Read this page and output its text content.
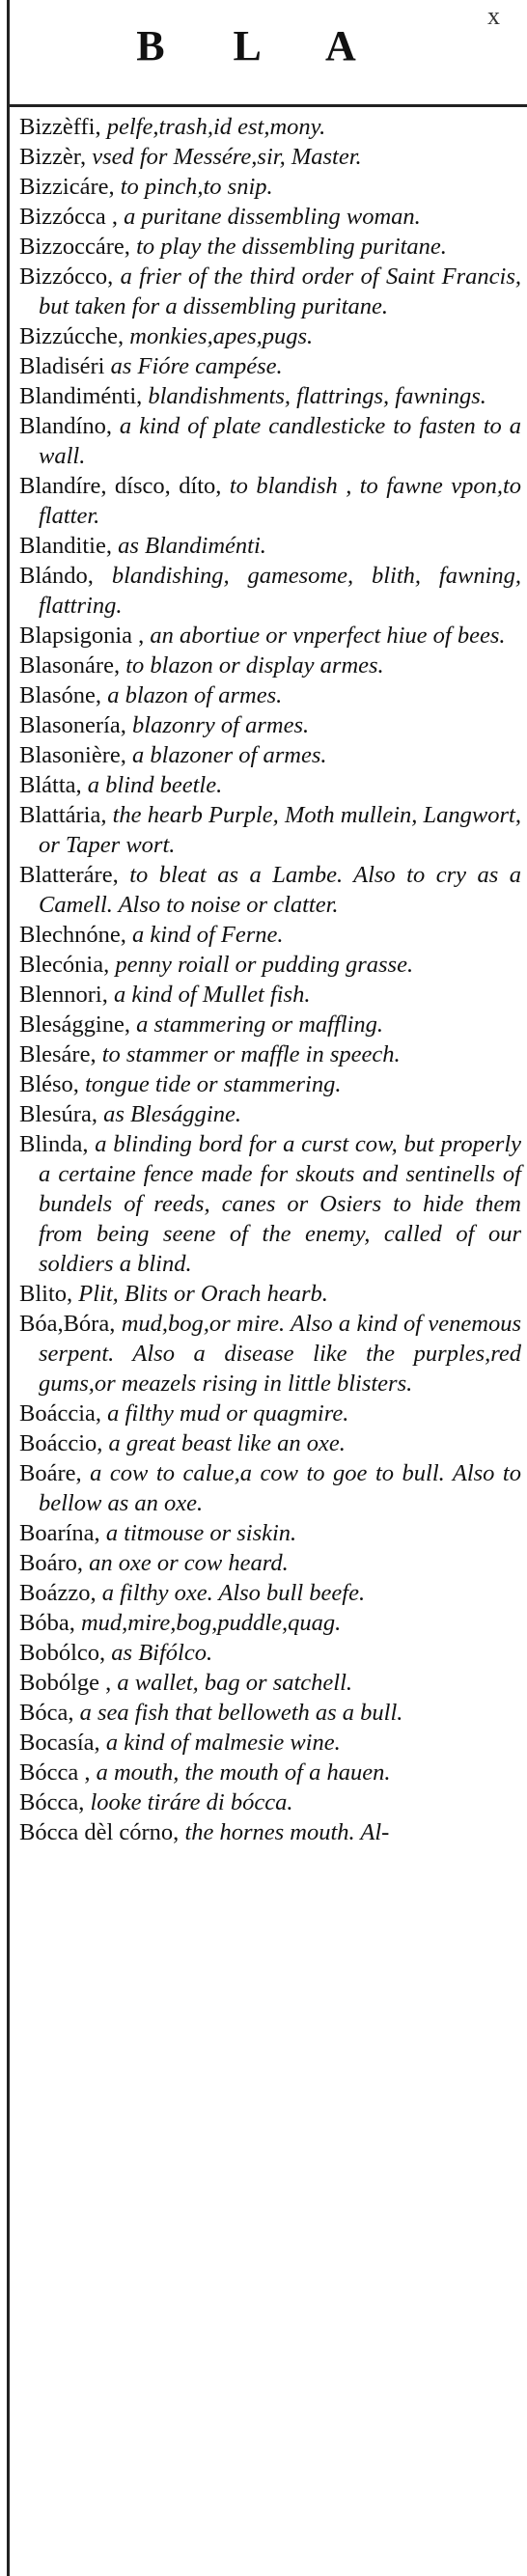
x
B L A

Bizzèffi, pelfe,trash,id est,mony.

Bizzèr, vsed for Messére,sir, Master.

Bizzicáre, to pinch,to snip.

Bizzócca , a puritane dissembling woman.

Bizzoccáre, to play the dissembling puritane.

Bizzócco, a frier of the third order of Saint Francis, but taken for a dissembling puritane.

Bizzúcche, monkies,apes,pugs.

Bladiséri as Fióre campése.

Blandiménti, blandishments, flattrings, fawnings.

Blandíno, a kind of plate candlesticke to fasten to a wall.

Blandíre, dísco, díto, to blandish , to fawne vpon,to flatter.

Blanditie, as Blandiménti.

Blándo, blandishing, gamesome, blith, fawning, flattring.

Blapsigonia , an abortiue or vnperfect hiue of bees.

Blasonáre, to blazon or display armes.

Blasóne, a blazon of armes.

Blasonería, blazonry of armes.

Blasonière, a blazoner of armes.

Blátta, a blind beetle.

Blattária, the hearb Purple, Moth mullein, Langwort, or Taper wort.

Blatteráre, to bleat as a Lambe. Also to cry as a Camell. Also to noise or clatter.

Blechnóne, a kind of Ferne.

Blecónia, penny roiall or pudding grasse.

Blennori, a kind of Mullet fish.

Blesággine, a stammering or maffling.

Blesáre, to stammer or maffle in speech.

Bléso, tongue tide or stammering.

Blesúra, as Blesággine.

Blinda, a blinding bord for a curst cow, but properly a certaine fence made for skouts and sentinells of bundels of reeds, canes or Osiers to hide them from being seene of the enemy, called of our soldiers a blind.

Blito, Plit, Blits or Orach hearb.

Bóa,Bóra, mud,bog,or mire. Also a kind of venemous serpent. Also a disease like the purples,red gums,or meazels rising in little blisters.

Boáccia, a filthy mud or quagmire.

Boáccio, a great beast like an oxe.

Boáre, a cow to calue,a cow to goe to bull. Also to bellow as an oxe.

Boarína, a titmouse or siskin.

Boáro, an oxe or cow heard.

Boázzo, a filthy oxe. Also bull beefe.

Bóba, mud,mire,bog,puddle,quag.

Bobólco, as Bifólco.

Bobólge , a wallet, bag or satchell.

Bóca, a sea fish that belloweth as a bull.

Bocasía, a kind of malmesie wine.

Bócca , a mouth, the mouth of a hauen.

Bócca, looke tiráre di bócca.

Bócca dèl córno, the hornes mouth. Al-
